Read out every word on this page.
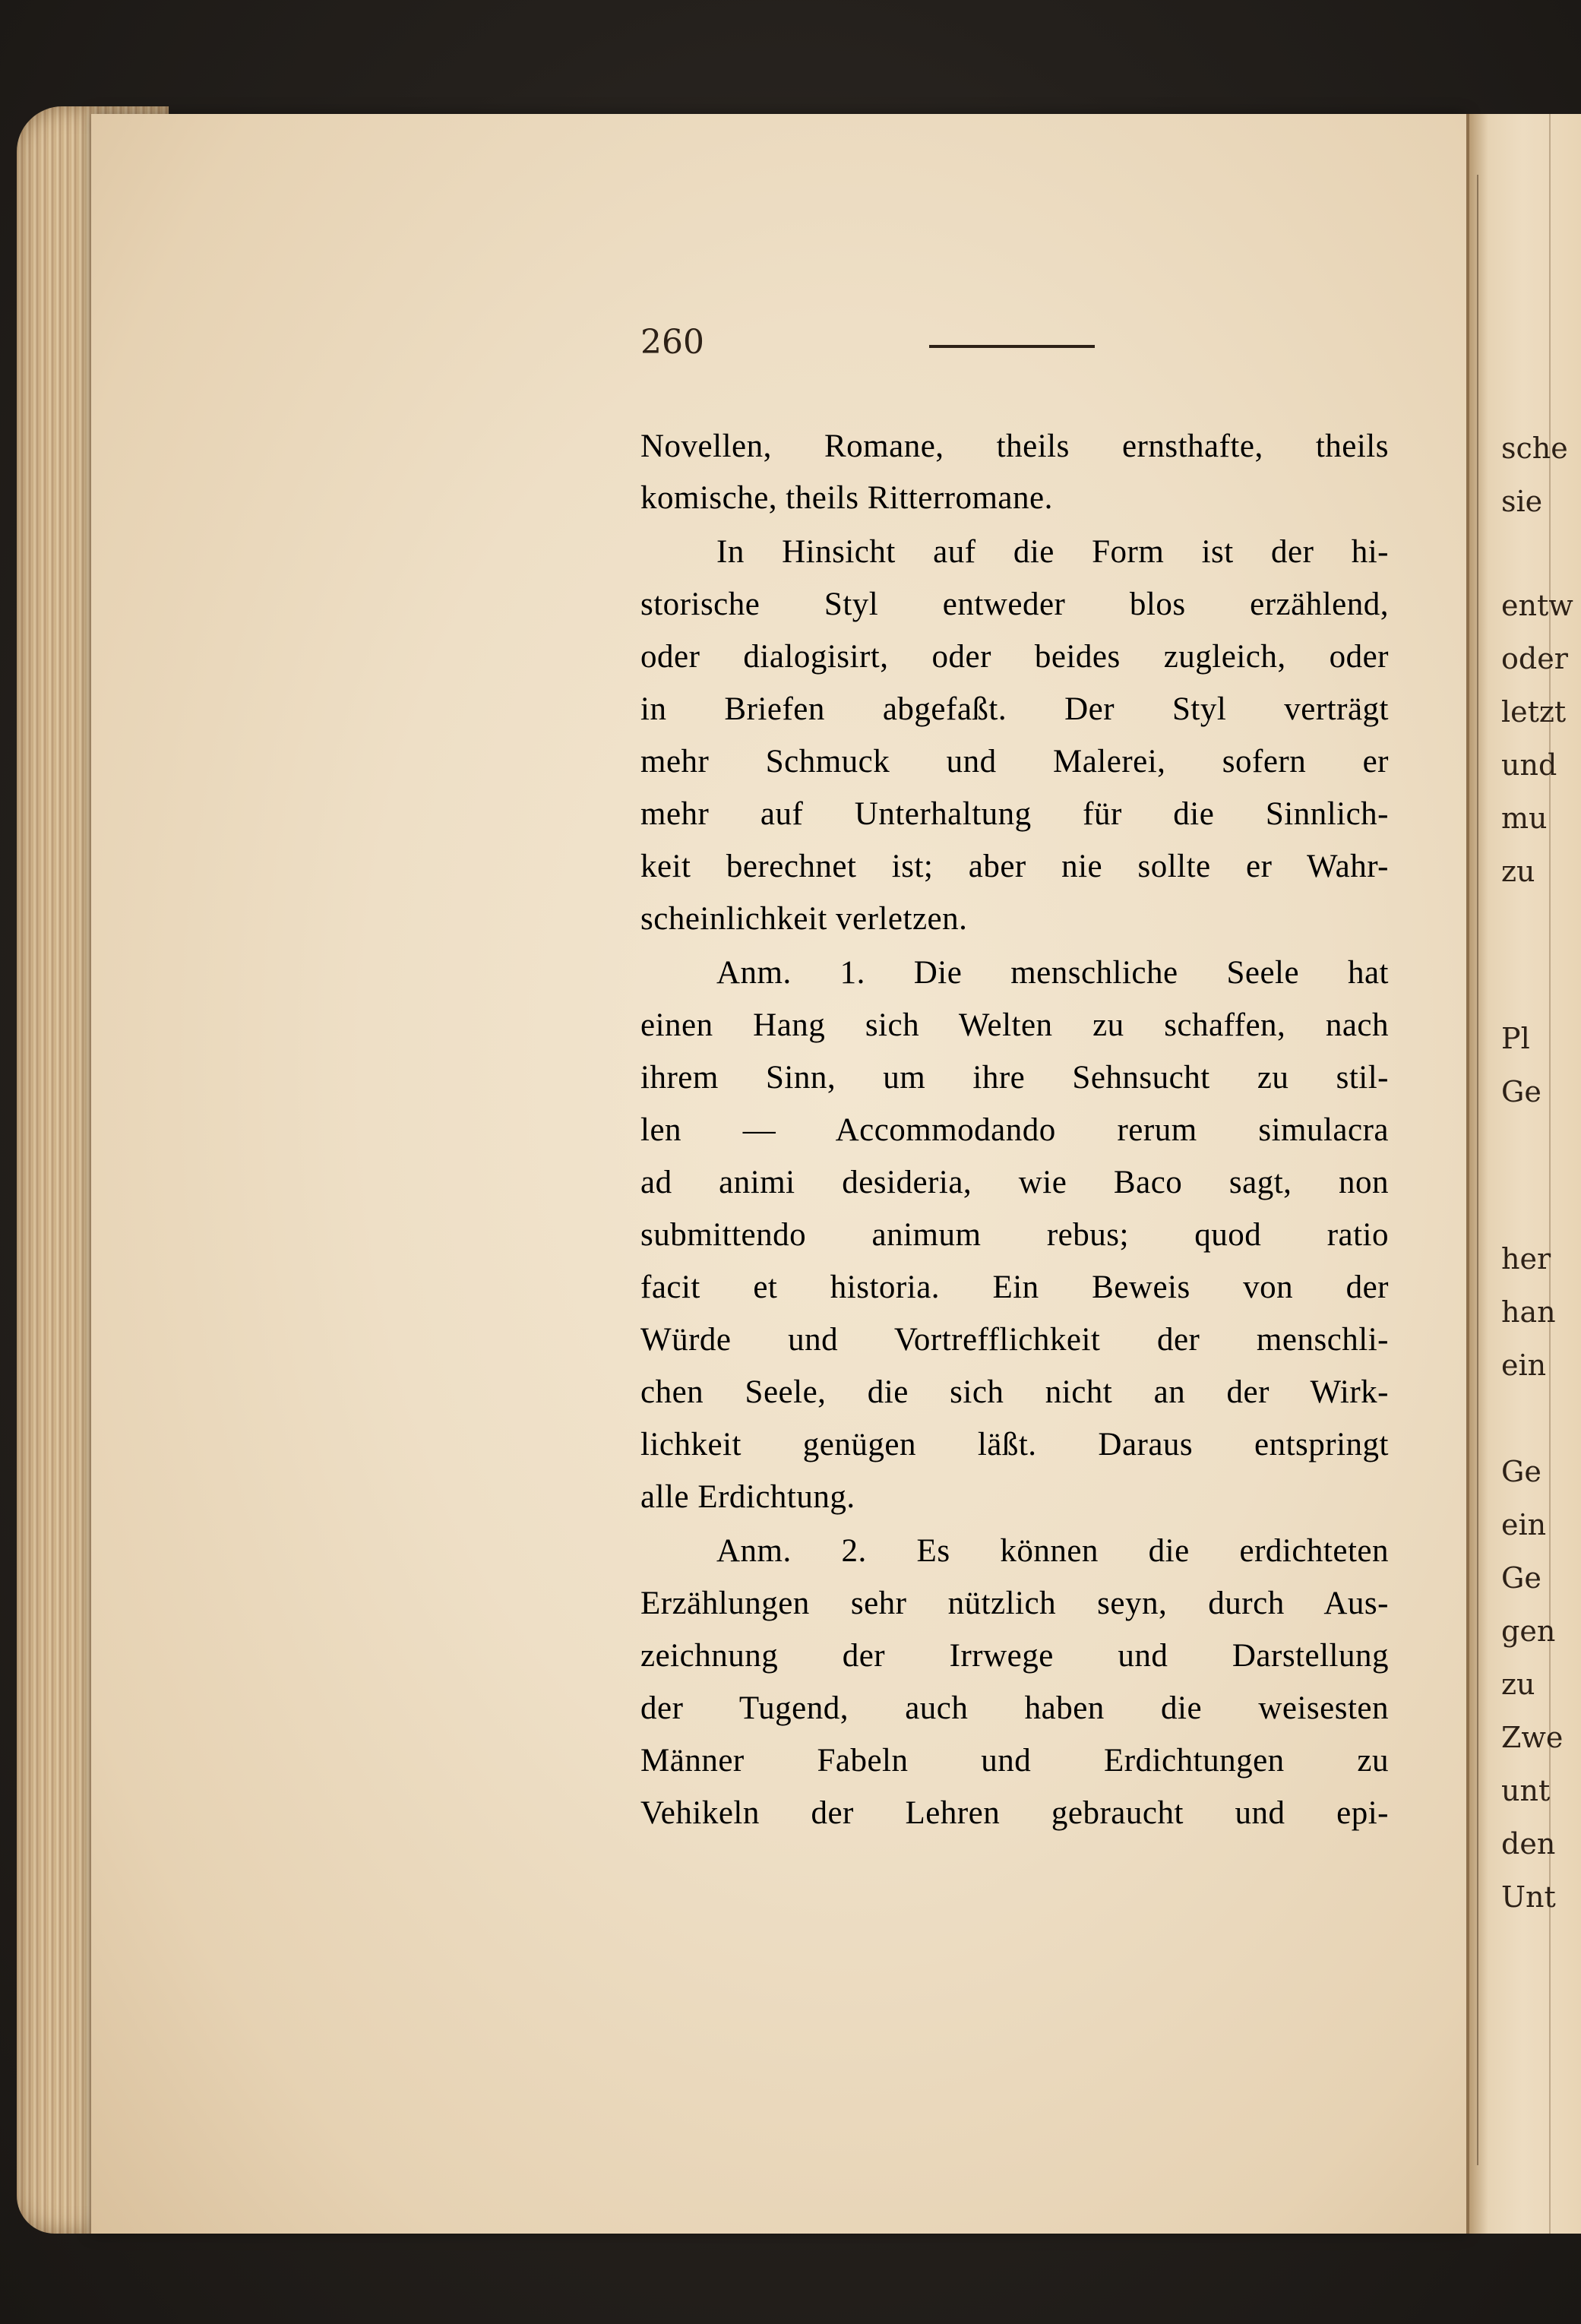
sche
sie
entw
oder
letzt
und
mu
zu
Pl
Ge
her
han
ein
Ge
ein
Ge
gen
zu
Zwe
unt
den
Unt
260
Novellen, Romane, theils ernsthafte, theils
komische, theils Ritterromane.
In Hinsicht auf die Form ist der hi-
storische Styl entweder blos erzählend,
oder dialogisirt, oder beides zugleich, oder
in Briefen abgefaßt. Der Styl verträgt
mehr Schmuck und Malerei, sofern er
mehr auf Unterhaltung für die Sinnlich-
keit berechnet ist; aber nie sollte er Wahr-
scheinlichkeit verletzen.
Anm. 1. Die menschliche Seele hat
einen Hang sich Welten zu schaffen, nach
ihrem Sinn, um ihre Sehnsucht zu stil-
len — Accommodando rerum simulacra
ad animi desideria, wie Baco sagt, non
submittendo animum rebus; quod ratio
facit et historia. Ein Beweis von der
Würde und Vortrefflichkeit der menschli-
chen Seele, die sich nicht an der Wirk-
lichkeit genügen läßt. Daraus entspringt
alle Erdichtung.
Anm. 2. Es können die erdichteten
Erzählungen sehr nützlich seyn, durch Aus-
zeichnung der Irrwege und Darstellung
der Tugend, auch haben die weisesten
Männer Fabeln und Erdichtungen zu
Vehikeln der Lehren gebraucht und epi-
